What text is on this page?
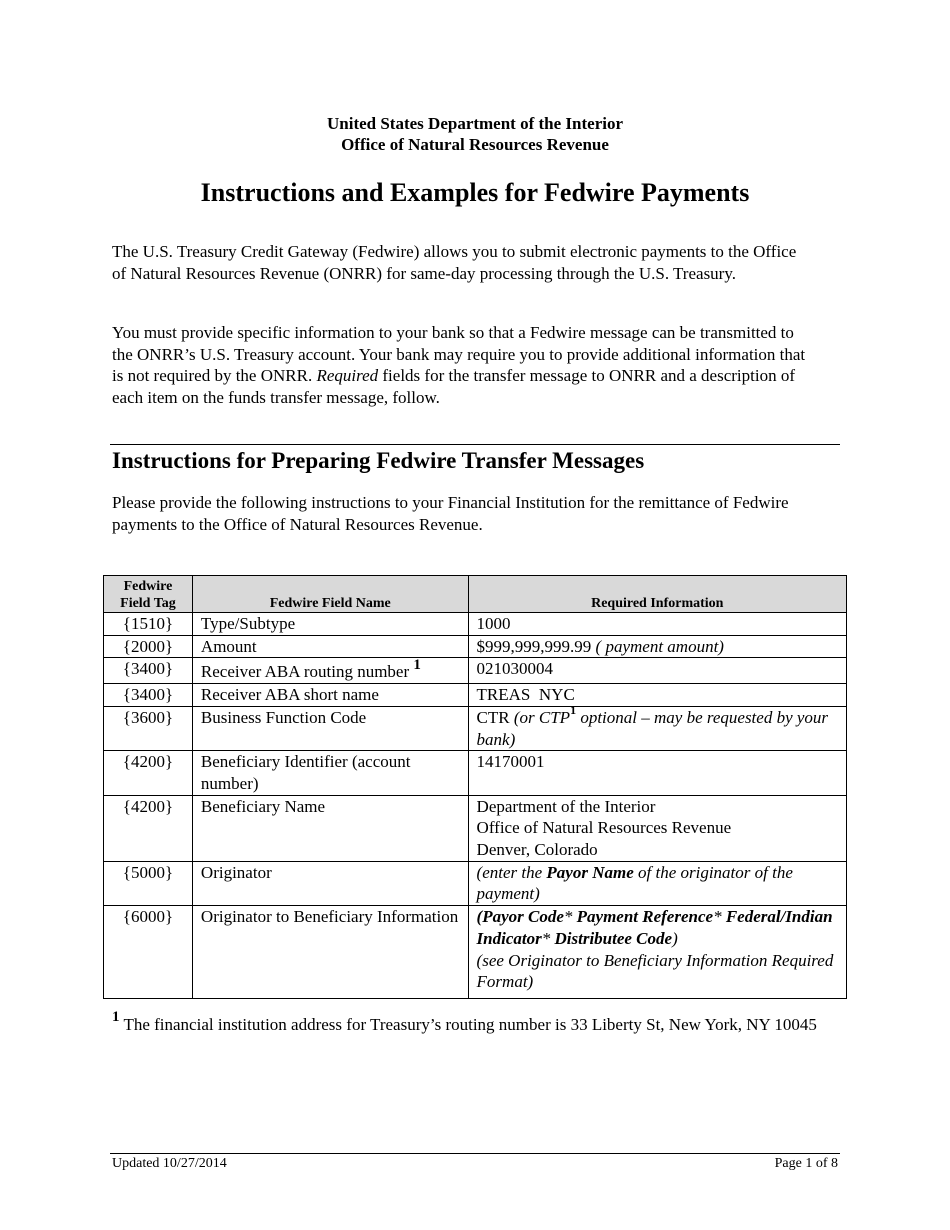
United States Department of the Interior
Office of Natural Resources Revenue
Instructions and Examples for Fedwire Payments
The U.S. Treasury Credit Gateway (Fedwire) allows you to submit electronic payments to the Office of Natural Resources Revenue (ONRR) for same-day processing through the U.S. Treasury.
You must provide specific information to your bank so that a Fedwire message can be transmitted to the ONRR’s U.S. Treasury account. Your bank may require you to provide additional information that is not required by the ONRR. Required fields for the transfer message to ONRR and a description of each item on the funds transfer message, follow.
Instructions for Preparing Fedwire Transfer Messages
Please provide the following instructions to your Financial Institution for the remittance of Fedwire payments to the Office of Natural Resources Revenue.
Fedwire
Field Tag	Fedwire Field Name	Required Information
{1510}	Type/Subtype	1000
{2000}	Amount	$999,999,999.99 ( payment amount)
{3400}	Receiver ABA routing number $^1$	021030004
{3400}	Receiver ABA short name	TREAS  NYC
{3600}	Business Function Code	CTR (or CTP$^1$ optional – may be requested by your bank)
{4200}	Beneficiary Identifier (account number)	14170001
{4200}	Beneficiary Name	Department of the Interior
Office of Natural Resources Revenue
Denver, Colorado
{5000}	Originator	(enter the Payor Name of the originator of the payment)
{6000}	Originator to Beneficiary Information	(Payor Code* Payment Reference* Federal/Indian Indicator* Distributee Code)
(see Originator to Beneficiary Information Required Format)
$^1$ The financial institution address for Treasury’s routing number is 33 Liberty St, New York, NY 10045
Updated 10/27/2014	Page 1 of 8
